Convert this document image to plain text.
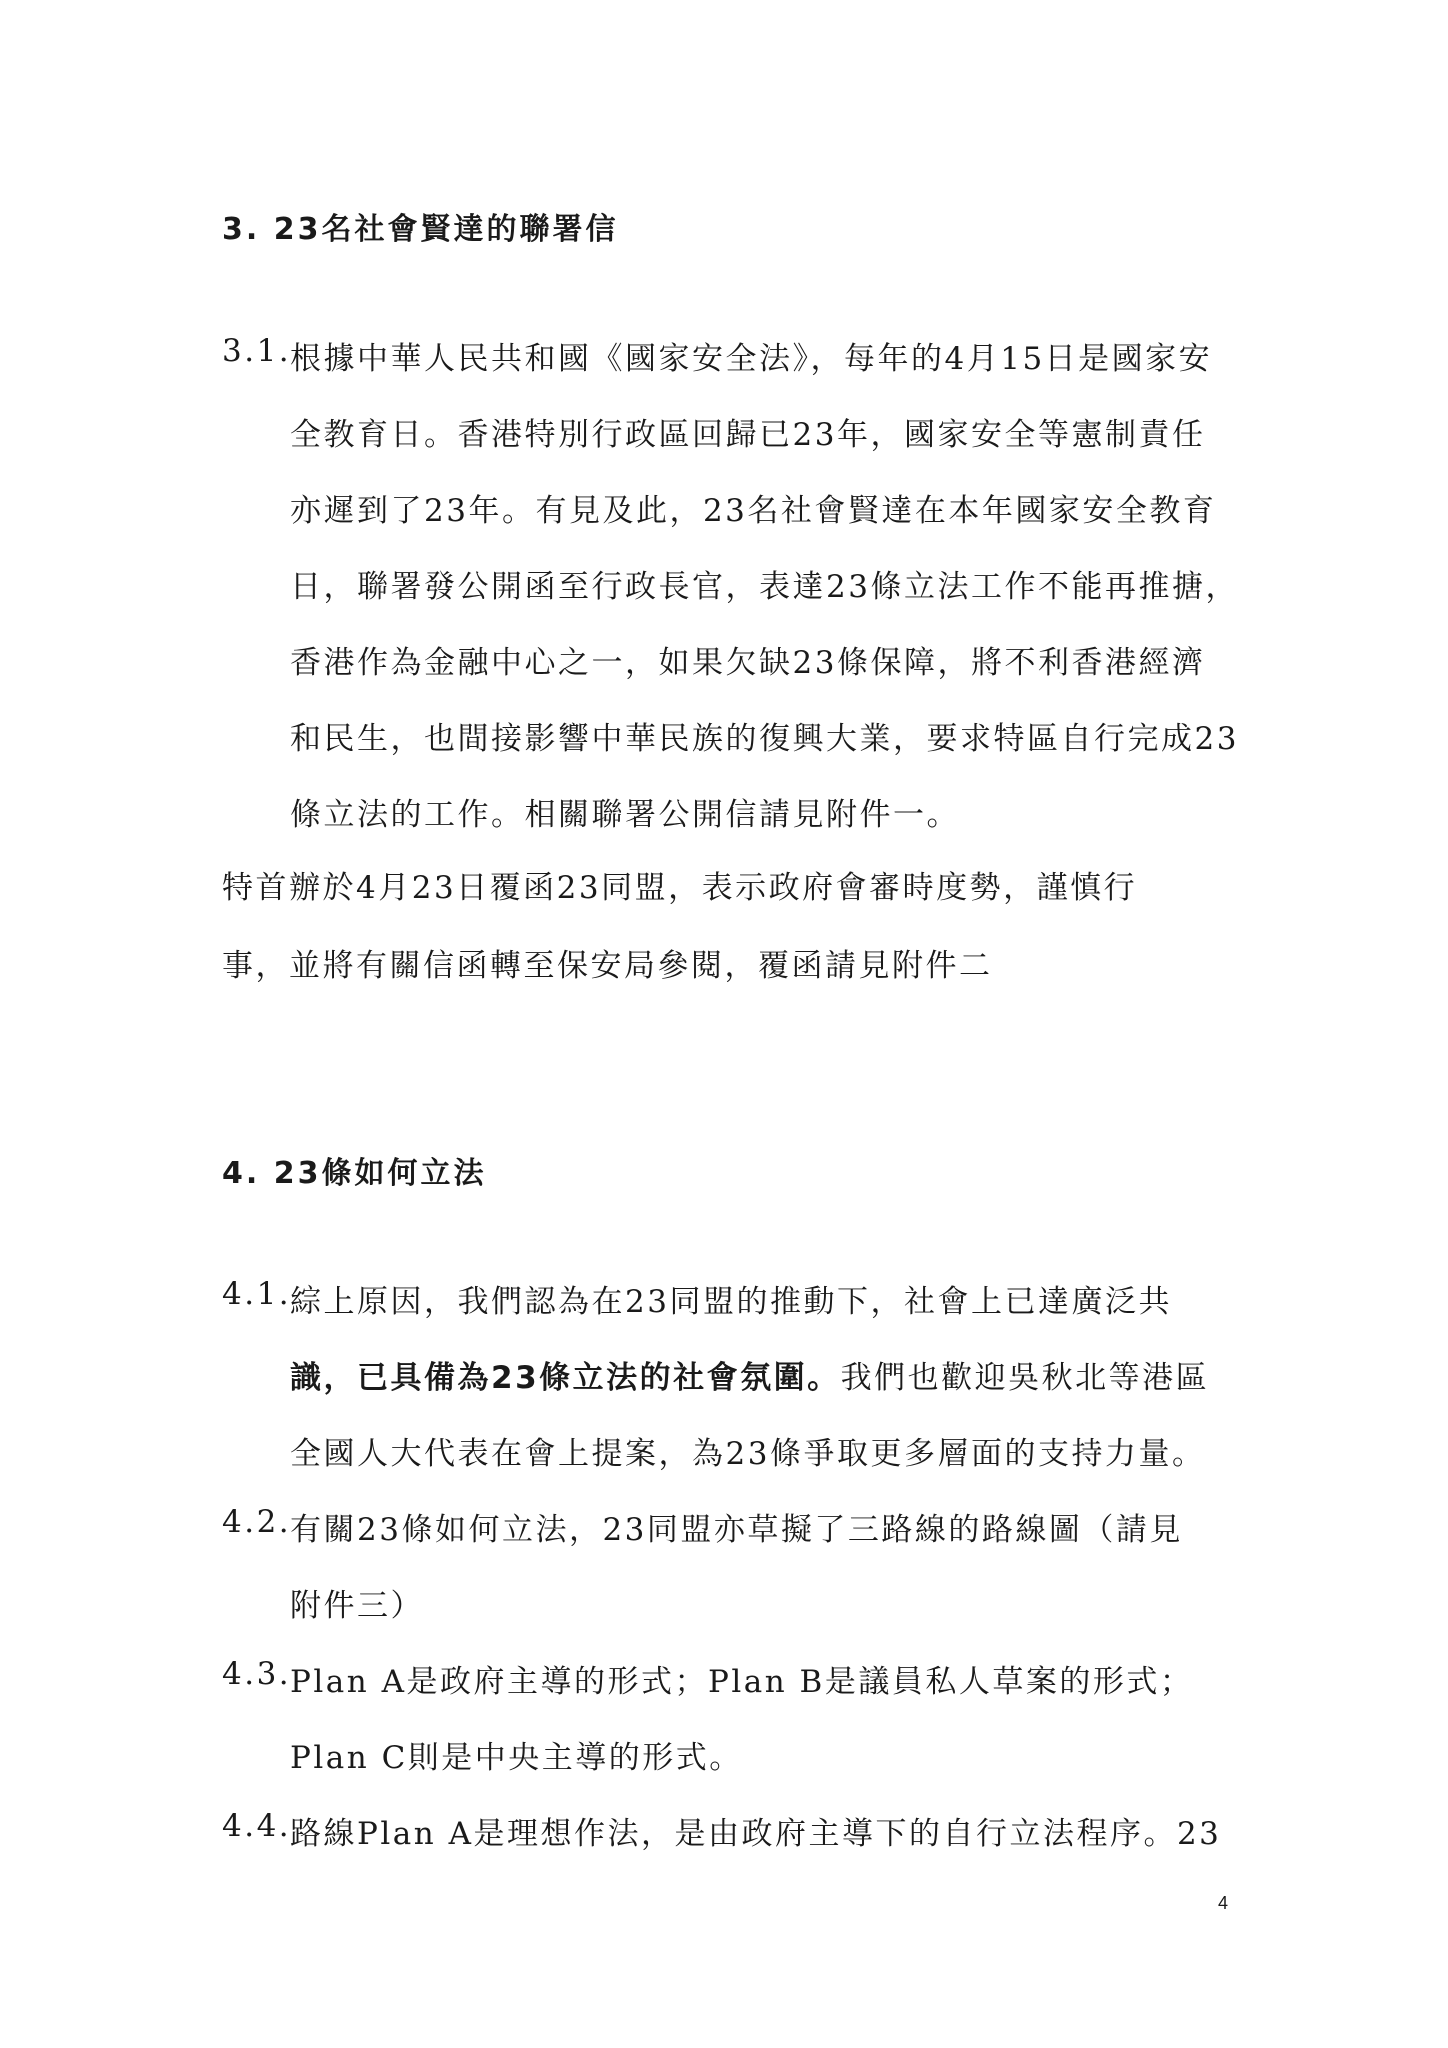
3. 23名社會賢達的聯署信
3.1.
根據中華人民共和國《國家安全法》，每年的4月15日是國家安
全教育日。香港特別行政區回歸已23年，國家安全等憲制責任
亦遲到了23年。有見及此，23名社會賢達在本年國家安全教育
日，聯署發公開函至行政長官，表達23條立法工作不能再推搪，
香港作為金融中心之一，如果欠缺23條保障，將不利香港經濟
和民生，也間接影響中華民族的復興大業，要求特區自行完成23
條立法的工作。相關聯署公開信請見附件一。
特首辦於4月23日覆函23同盟，表示政府會審時度勢，謹慎行
事，並將有關信函轉至保安局參閱，覆函請見附件二
4. 23條如何立法
4.1.
綜上原因，我們認為在23同盟的推動下，社會上已達廣泛共
識，已具備為23條立法的社會氛圍。我們也歡迎吳秋北等港區
全國人大代表在會上提案，為23條爭取更多層面的支持力量。
4.2.
有關23條如何立法，23同盟亦草擬了三路線的路線圖（請見
附件三）
4.3.
Plan A是政府主導的形式；Plan B是議員私人草案的形式；
Plan C則是中央主導的形式。
4.4.
路線Plan A是理想作法，是由政府主導下的自行立法程序。23
4
